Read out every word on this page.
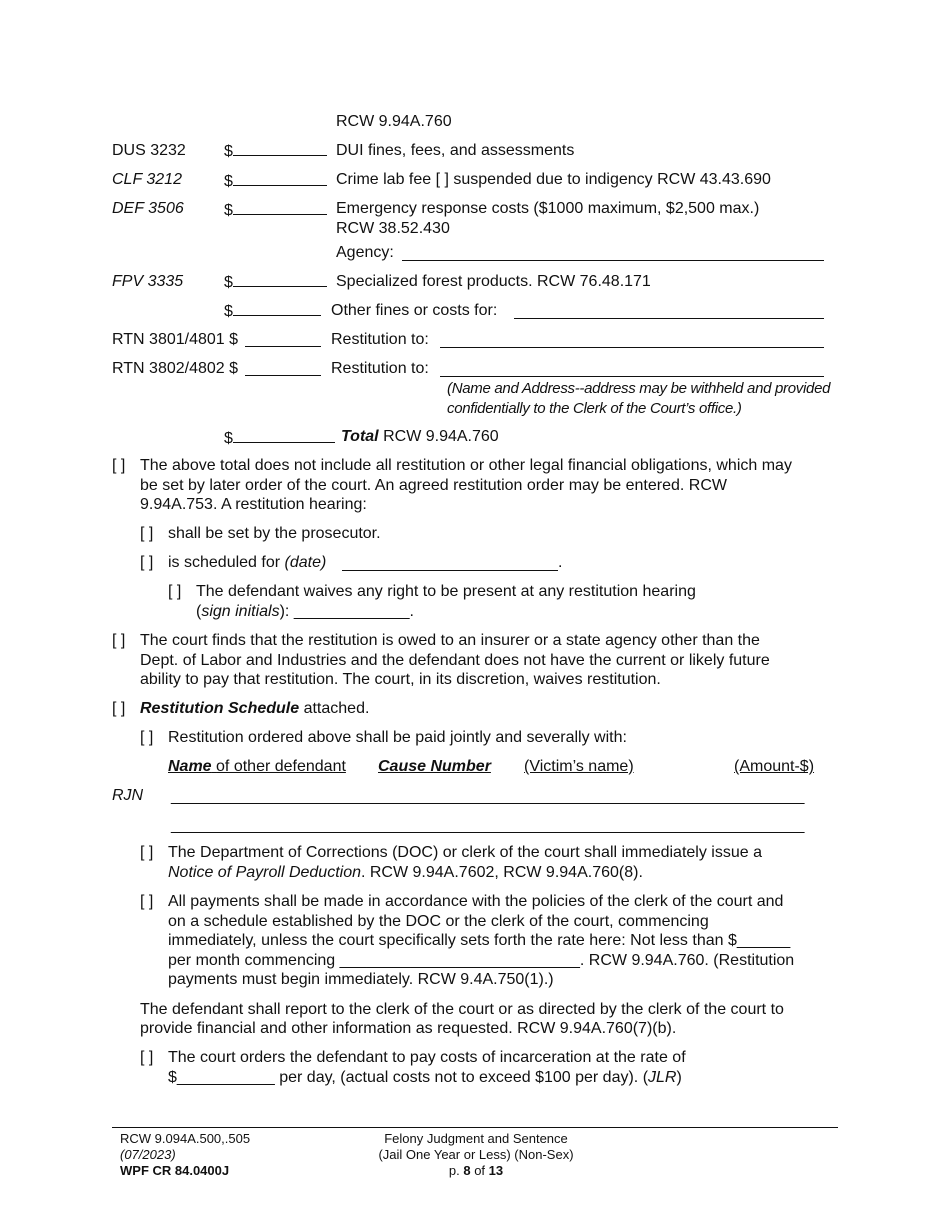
RCW 9.94A.760
DUS 3232 $	DUI fines, fees, and assessments
CLF 3212	$	Crime lab fee [ ] suspended due to indigency RCW 43.43.690
DEF 3506	$	Emergency response costs ($1000 maximum, $2,500 max.)
RCW 38.52.430
Agency:
FPV 3335	$	Specialized forest products. RCW 76.48.171
$	Other fines or costs for:
RTN 3801/4801 $	Restitution to:
RTN 3802/4802 $	Restitution to:
(Name and Address--address may be withheld and provided
confidentially to the Clerk of the Court’s office.)
$	Total RCW 9.94A.760
[ ] The above total does not include all restitution or other legal financial obligations, which may
be set by later order of the court. An agreed restitution order may be entered. RCW
9.94A.753. A restitution hearing:
[ ] shall be set by the prosecutor.
[ ] is scheduled for (date)	.
[ ] The defendant waives any right to be present at any restitution hearing
(sign initials): _____________.
[ ] The court finds that the restitution is owed to an insurer or a state agency other than the
Dept. of Labor and Industries and the defendant does not have the current or likely future
ability to pay that restitution. The court, in its discretion, waives restitution.
[ ] Restitution Schedule attached.
[ ] Restitution ordered above shall be paid jointly and severally with:
Name of other defendant Cause Number (Victim’s name)	(Amount-$)
RJN __________________________________________________________________________
__________________________________________________________________________
[ ] The Department of Corrections (DOC) or clerk of the court shall immediately issue a
Notice of Payroll Deduction. RCW 9.94A.7602, RCW 9.94A.760(8).
[ ] All payments shall be made in accordance with the policies of the clerk of the court and
on a schedule established by the DOC or the clerk of the court, commencing
immediately, unless the court specifically sets forth the rate here: Not less than $______
per month commencing ___________________________. RCW 9.94A.760. (Restitution
payments must begin immediately. RCW 9.4A.750(1).)
The defendant shall report to the clerk of the court or as directed by the clerk of the court to
provide financial and other information as requested. RCW 9.94A.760(7)(b).
[ ] The court orders the defendant to pay costs of incarceration at the rate of
$___________ per day, (actual costs not to exceed $100 per day). (JLR)
RCW 9.094A.500,.505
(07/2023)
WPF CR 84.0400J
Felony Judgment and Sentence
(Jail One Year or Less) (Non-Sex)
p. 8 of 13
